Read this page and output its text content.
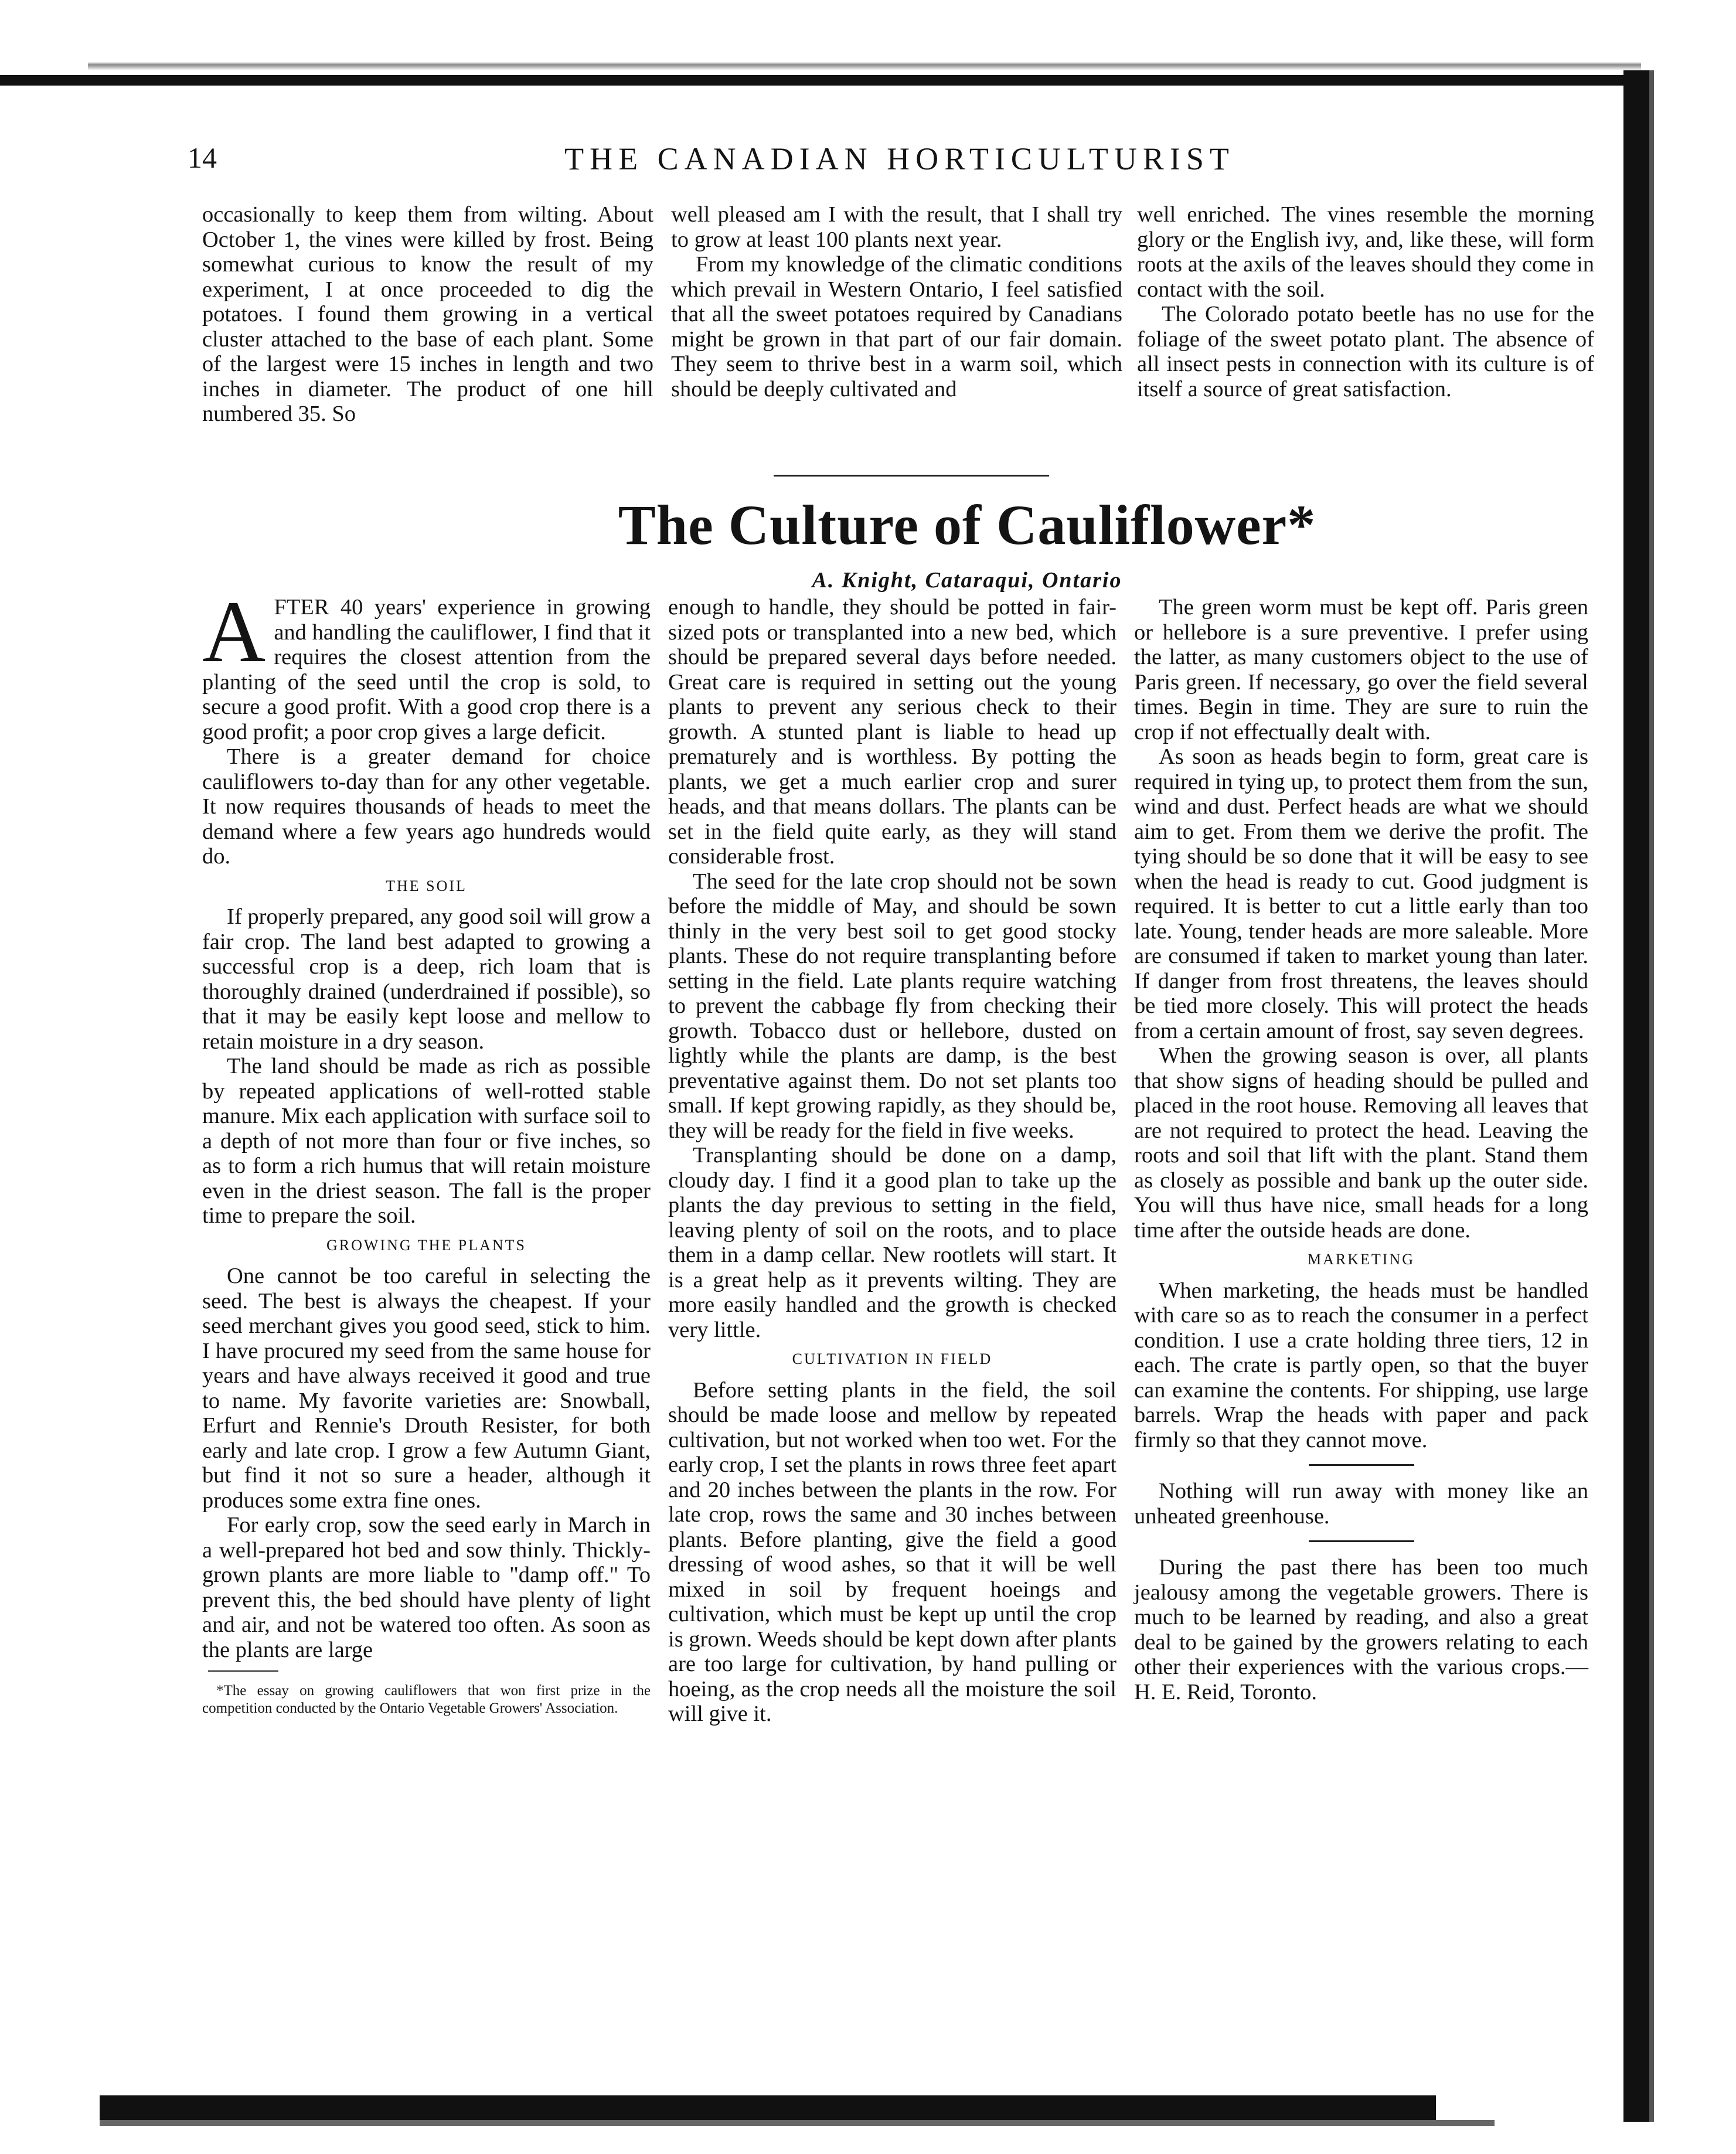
14	THE CANADIAN HORTICULTURIST

occasionally to keep them from wilting. About October 1, the vines were killed by frost. Being somewhat curious to know the result of my experiment, I at once proceeded to dig the potatoes. I found them growing in a vertical cluster attached to the base of each plant. Some of the largest were 15 inches in length and two inches in diameter. The product of one hill numbered 35. So

well pleased am I with the result, that I shall try to grow at least 100 plants next year.

From my knowledge of the climatic conditions which prevail in Western Ontario, I feel satisfied that all the sweet potatoes required by Canadians might be grown in that part of our fair domain. They seem to thrive best in a warm soil, which should be deeply cultivated and

well enriched. The vines resemble the morning glory or the English ivy, and, like these, will form roots at the axils of the leaves should they come in contact with the soil.

The Colorado potato beetle has no use for the foliage of the sweet potato plant. The absence of all insect pests in connection with its culture is of itself a source of great satisfaction.

The Culture of Cauliflower*
A. Knight, Cataraqui, Ontario

AFTER 40 years' experience in growing and handling the cauliflower, I find that it requires the closest attention from the planting of the seed until the crop is sold, to secure a good profit. With a good crop there is a good profit; a poor crop gives a large deficit.

There is a greater demand for choice cauliflowers to-day than for any other vegetable. It now requires thousands of heads to meet the demand where a few years ago hundreds would do.

THE SOIL

If properly prepared, any good soil will grow a fair crop. The land best adapted to growing a successful crop is a deep, rich loam that is thoroughly drained (underdrained if possible), so that it may be easily kept loose and mellow to retain moisture in a dry season.

The land should be made as rich as possible by repeated applications of well-rotted stable manure. Mix each application with surface soil to a depth of not more than four or five inches, so as to form a rich humus that will retain moisture even in the driest season. The fall is the proper time to prepare the soil.

GROWING THE PLANTS

One cannot be too careful in selecting the seed. The best is always the cheapest. If your seed merchant gives you good seed, stick to him. I have procured my seed from the same house for years and have always received it good and true to name. My favorite varieties are: Snowball, Erfurt and Rennie's Drouth Resister, for both early and late crop. I grow a few Autumn Giant, but find it not so sure a header, although it produces some extra fine ones.

For early crop, sow the seed early in March in a well-prepared hot bed and sow thinly. Thickly-grown plants are more liable to "damp off." To prevent this, the bed should have plenty of light and air, and not be watered too often. As soon as the plants are large

*The essay on growing cauliflowers that won first prize in the competition conducted by the Ontario Vegetable Growers' Association.

enough to handle, they should be potted in fair-sized pots or transplanted into a new bed, which should be prepared several days before needed. Great care is required in setting out the young plants to prevent any serious check to their growth. A stunted plant is liable to head up prematurely and is worthless. By potting the plants, we get a much earlier crop and surer heads, and that means dollars. The plants can be set in the field quite early, as they will stand considerable frost.

The seed for the late crop should not be sown before the middle of May, and should be sown thinly in the very best soil to get good stocky plants. These do not require transplanting before setting in the field. Late plants require watching to prevent the cabbage fly from checking their growth. Tobacco dust or hellebore, dusted on lightly while the plants are damp, is the best preventative against them. Do not set plants too small. If kept growing rapidly, as they should be, they will be ready for the field in five weeks.

Transplanting should be done on a damp, cloudy day. I find it a good plan to take up the plants the day previous to setting in the field, leaving plenty of soil on the roots, and to place them in a damp cellar. New rootlets will start. It is a great help as it prevents wilting. They are more easily handled and the growth is checked very little.

CULTIVATION IN FIELD

Before setting plants in the field, the soil should be made loose and mellow by repeated cultivation, but not worked when too wet. For the early crop, I set the plants in rows three feet apart and 20 inches between the plants in the row. For late crop, rows the same and 30 inches between plants. Before planting, give the field a good dressing of wood ashes, so that it will be well mixed in soil by frequent hoeings and cultivation, which must be kept up until the crop is grown. Weeds should be kept down after plants are too large for cultivation, by hand pulling or hoeing, as the crop needs all the moisture the soil will give it.

The green worm must be kept off. Paris green or hellebore is a sure preventive. I prefer using the latter, as many customers object to the use of Paris green. If necessary, go over the field several times. Begin in time. They are sure to ruin the crop if not effectually dealt with.

As soon as heads begin to form, great care is required in tying up, to protect them from the sun, wind and dust. Perfect heads are what we should aim to get. From them we derive the profit. The tying should be so done that it will be easy to see when the head is ready to cut. Good judgment is required. It is better to cut a little early than too late. Young, tender heads are more saleable. More are consumed if taken to market young than later. If danger from frost threatens, the leaves should be tied more closely. This will protect the heads from a certain amount of frost, say seven degrees.

When the growing season is over, all plants that show signs of heading should be pulled and placed in the root house. Removing all leaves that are not required to protect the head. Leaving the roots and soil that lift with the plant. Stand them as closely as possible and bank up the outer side. You will thus have nice, small heads for a long time after the outside heads are done.

MARKETING

When marketing, the heads must be handled with care so as to reach the consumer in a perfect condition. I use a crate holding three tiers, 12 in each. The crate is partly open, so that the buyer can examine the contents. For shipping, use large barrels. Wrap the heads with paper and pack firmly so that they cannot move.

Nothing will run away with money like an unheated greenhouse.

During the past there has been too much jealousy among the vegetable growers. There is much to be learned by reading, and also a great deal to be gained by the growers relating to each other their experiences with the various crops.—H. E. Reid, Toronto.
